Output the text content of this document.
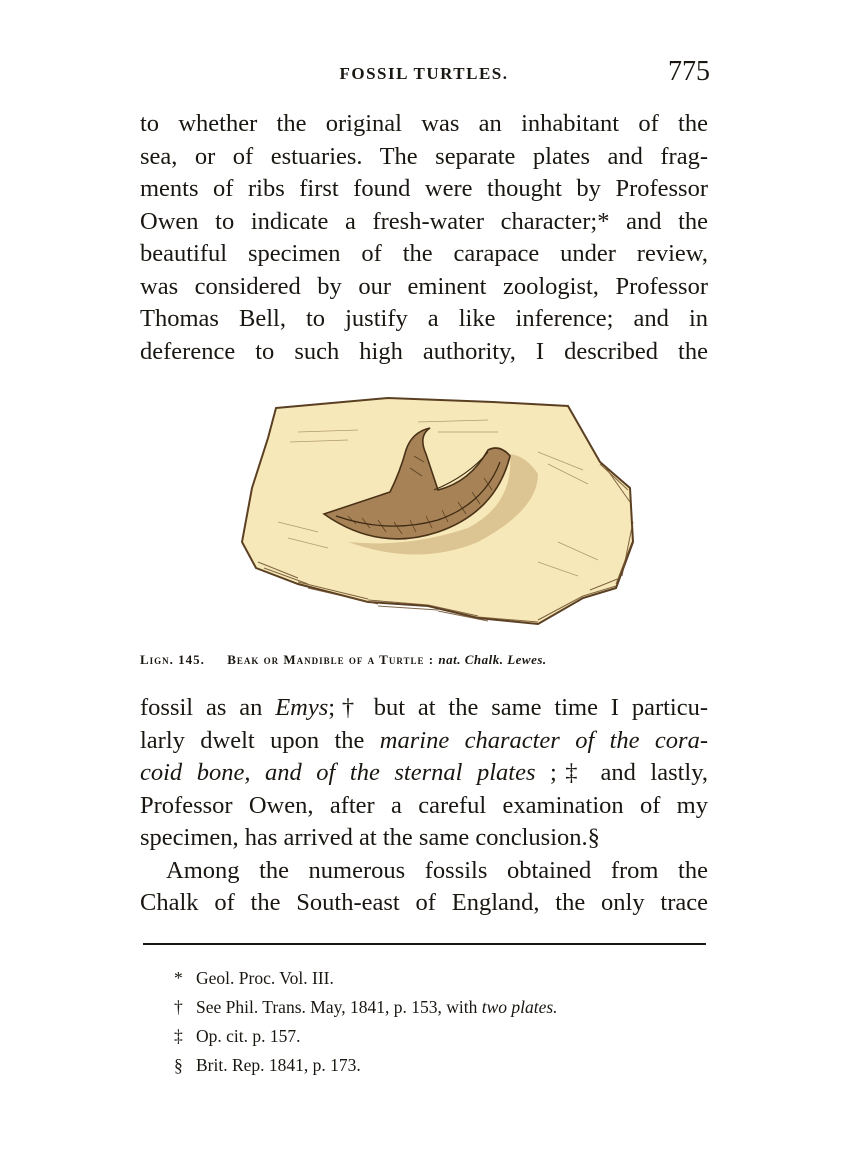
FOSSIL TURTLES.	775
to whether the original was an inhabitant of the
sea, or of estuaries. The separate plates and frag-
ments of ribs first found were thought by Professor
Owen to indicate a fresh-water character;* and the
beautiful specimen of the carapace under review,
was considered by our eminent zoologist, Professor
Thomas Bell, to justify a like inference; and in
deference to such high authority, I described the
Lign. 145. Beak or Mandible of a Turtle : nat. Chalk. Lewes.
fossil as an Emys;† but at the same time I particu-
larly dwelt upon the marine character of the cora-
coid bone, and of the sternal plates ;‡ and lastly,
Professor Owen, after a careful examination of my
specimen, has arrived at the same conclusion.§
Among the numerous fossils obtained from the
Chalk of the South-east of England, the only trace
* Geol. Proc. Vol. III.
† See Phil. Trans. May, 1841, p. 153, with two plates.
‡ Op. cit. p. 157.
§ Brit. Rep. 1841, p. 173.
